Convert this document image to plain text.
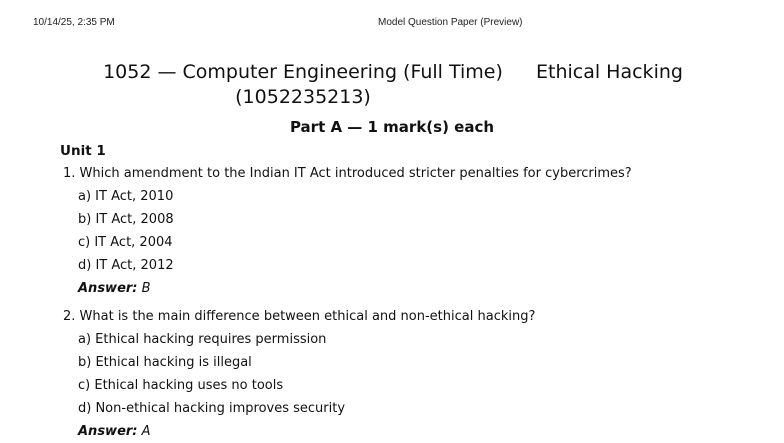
10/14/25, 2:35 PM	Model Question Paper (Preview)
1052 — Computer Engineering (Full Time)
(1052235213)
Ethical Hacking
Part A — 1 mark(s) each
Unit 1
1. Which amendment to the Indian IT Act introduced stricter penalties for cybercrimes?
a) IT Act, 2010
b) IT Act, 2008
c) IT Act, 2004
d) IT Act, 2012
Answer: B
2. What is the main difference between ethical and non-ethical hacking?
a) Ethical hacking requires permission
b) Ethical hacking is illegal
c) Ethical hacking uses no tools
d) Non-ethical hacking improves security
Answer: A
